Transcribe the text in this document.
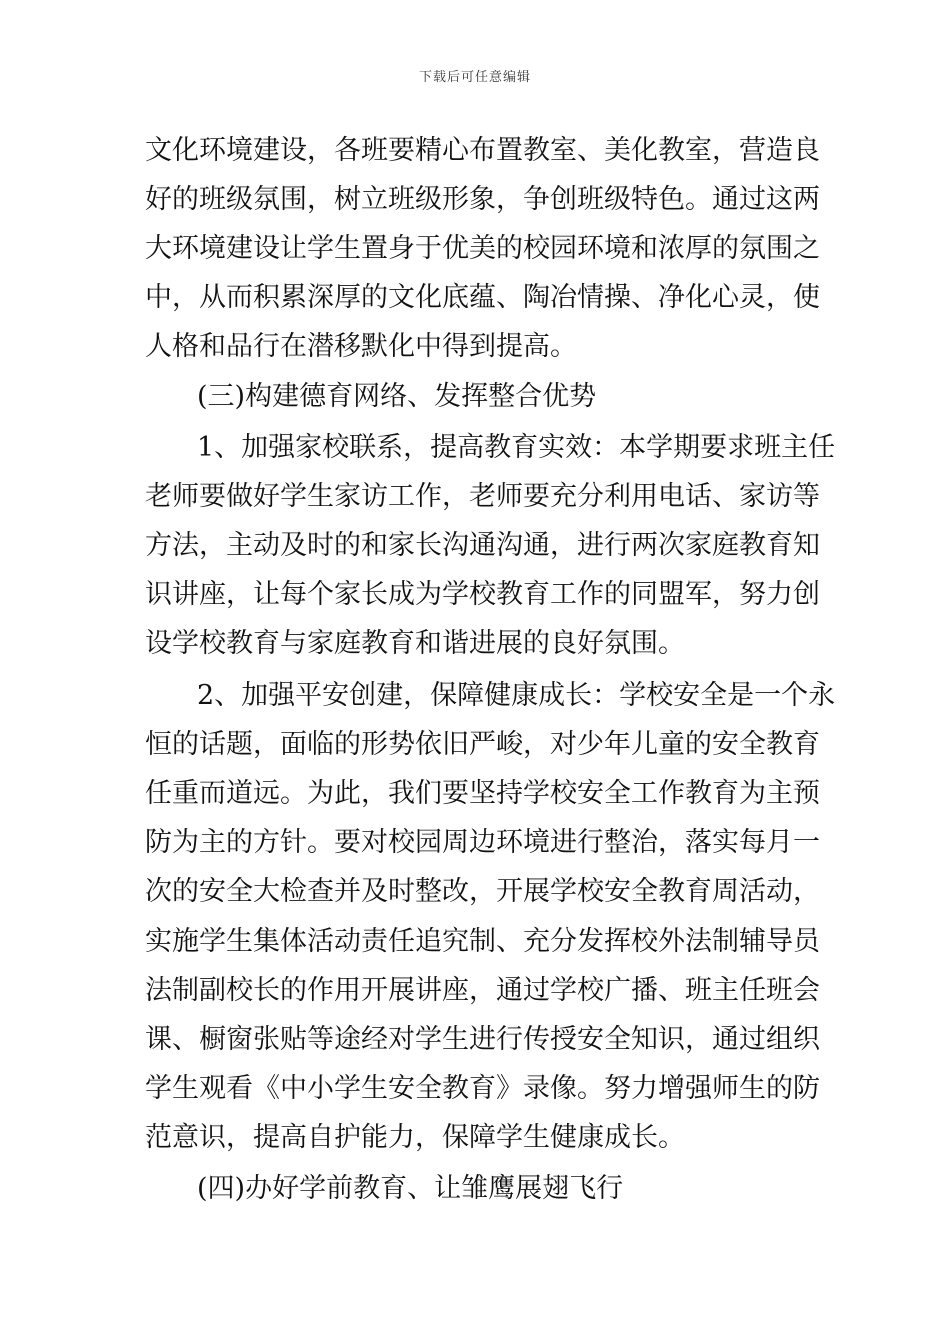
下载后可任意编辑
文化环境建设，各班要精心布置教室、美化教室，营造良
好的班级氛围，树立班级形象，争创班级特色。通过这两
大环境建设让学生置身于优美的校园环境和浓厚的氛围之
中，从而积累深厚的文化底蕴、陶冶情操、净化心灵，使
人格和品行在潜移默化中得到提高。
(三)构建德育网络、发挥整合优势
1、加强家校联系，提高教育实效：本学期要求班主任
老师要做好学生家访工作，老师要充分利用电话、家访等
方法，主动及时的和家长沟通沟通，进行两次家庭教育知
识讲座，让每个家长成为学校教育工作的同盟军，努力创
设学校教育与家庭教育和谐进展的良好氛围。
2、加强平安创建，保障健康成长：学校安全是一个永
恒的话题，面临的形势依旧严峻，对少年儿童的安全教育
任重而道远。为此，我们要坚持学校安全工作教育为主预
防为主的方针。要对校园周边环境进行整治，落实每月一
次的安全大检查并及时整改，开展学校安全教育周活动，
实施学生集体活动责任追究制、充分发挥校外法制辅导员
法制副校长的作用开展讲座，通过学校广播、班主任班会
课、橱窗张贴等途经对学生进行传授安全知识，通过组织
学生观看《中小学生安全教育》录像。努力增强师生的防
范意识，提高自护能力，保障学生健康成长。
(四)办好学前教育、让雏鹰展翅飞行
